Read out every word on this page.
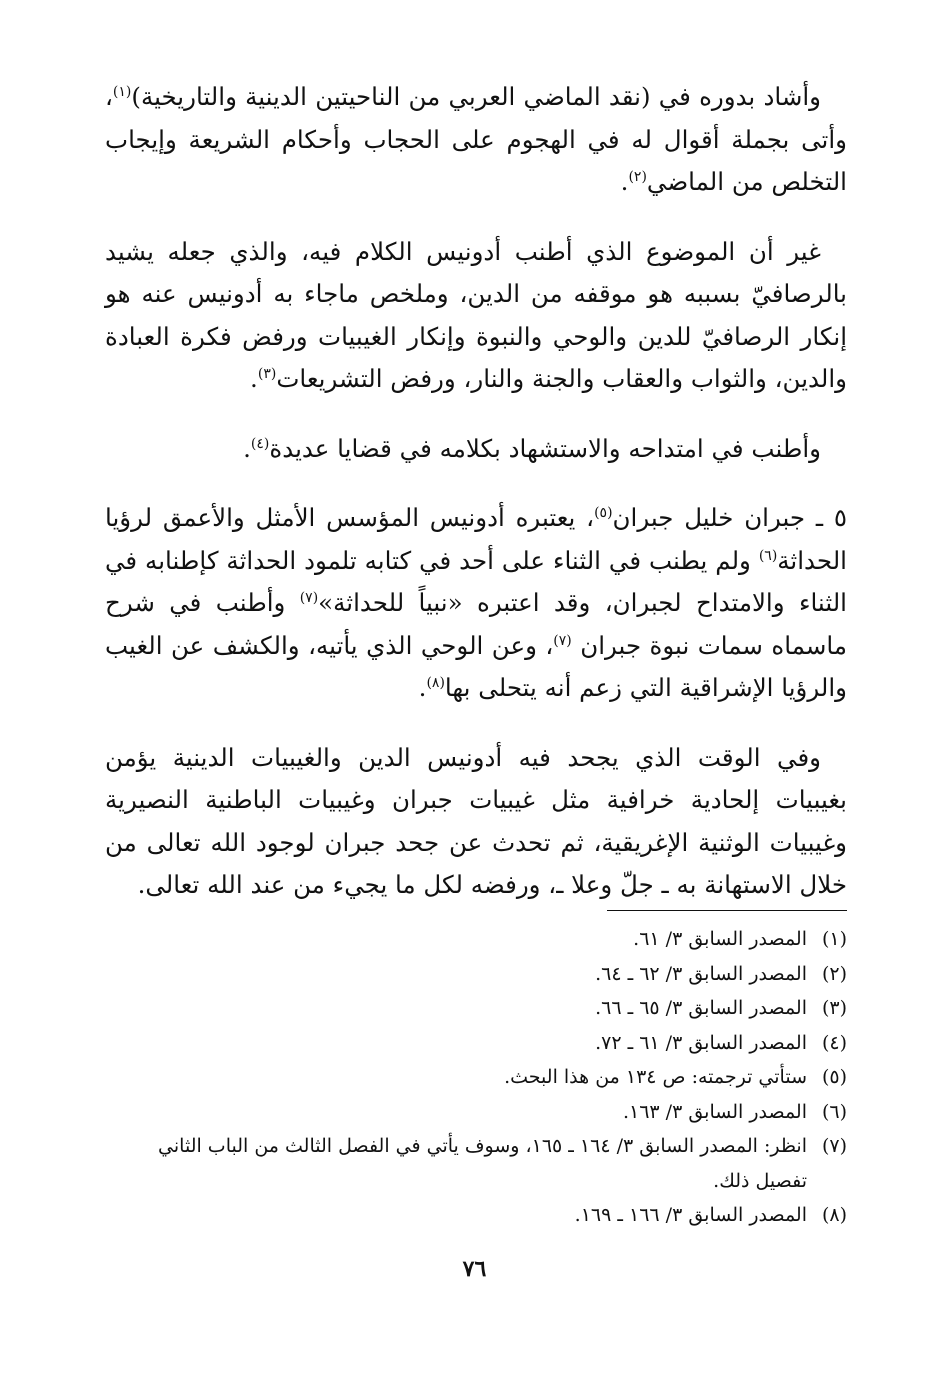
وأشاد بدوره في (نقد الماضي العربي من الناحيتين الدينية والتاريخية)$^{(١)}$، وأتى بجملة أقوال له في الهجوم على الحجاب وأحكام الشريعة وإيجاب التخلص من الماضي$^{(٢)}$.

غير أن الموضوع الذي أطنب أدونيس الكلام فيه، والذي جعله يشيد بالرصافيّ بسببه هو موقفه من الدين، وملخص ماجاء به أدونيس عنه هو إنكار الرصافيّ للدين والوحي والنبوة وإنكار الغيبيات ورفض فكرة العبادة والدين، والثواب والعقاب والجنة والنار، ورفض التشريعات$^{(٣)}$.

وأطنب في امتداحه والاستشهاد بكلامه في قضايا عديدة$^{(٤)}$.

٥ ـ جبران خليل جبران$^{(٥)}$، يعتبره أدونيس المؤسس الأمثل والأعمق لرؤيا الحداثة$^{(٦)}$ ولم يطنب في الثناء على أحد في كتابه تلمود الحداثة كإطنابه في الثناء والامتداح لجبران، وقد اعتبره «نبياً للحداثة»$^{(٧)}$ وأطنب في شرح ماسماه سمات نبوة جبران $^{(٧)}$، وعن الوحي الذي يأتيه، والكشف عن الغيب والرؤيا الإشراقية التي زعم أنه يتحلى بها$^{(٨)}$.

وفي الوقت الذي يجحد فيه أدونيس الدين والغيبيات الدينية يؤمن بغيبيات إلحادية خرافية مثل غيبيات جبران وغيبيات الباطنية النصيرية وغيبيات الوثنية الإغريقية، ثم تحدث عن جحد جبران لوجود الله تعالى من خلال الاستهانة به ـ جلّ وعلا ـ، ورفضه لكل ما يجيء من عند الله تعالى.

(١)
المصدر السابق ٣/ ٦١.
(٢)
المصدر السابق ٣/ ٦٢ ـ ٦٤.
(٣)
المصدر السابق ٣/ ٦٥ ـ ٦٦.
(٤)
المصدر السابق ٣/ ٦١ ـ ٧٢.
(٥)
ستأتي ترجمته: ص ١٣٤ من هذا البحث.
(٦)
المصدر السابق ٣/ ١٦٣.
(٧)
انظر: المصدر السابق ٣/ ١٦٤ ـ ١٦٥، وسوف يأتي في الفصل الثالث من الباب الثاني تفصيل ذلك.
(٨)
المصدر السابق ٣/ ١٦٦ ـ ١٦٩.
٧٦
